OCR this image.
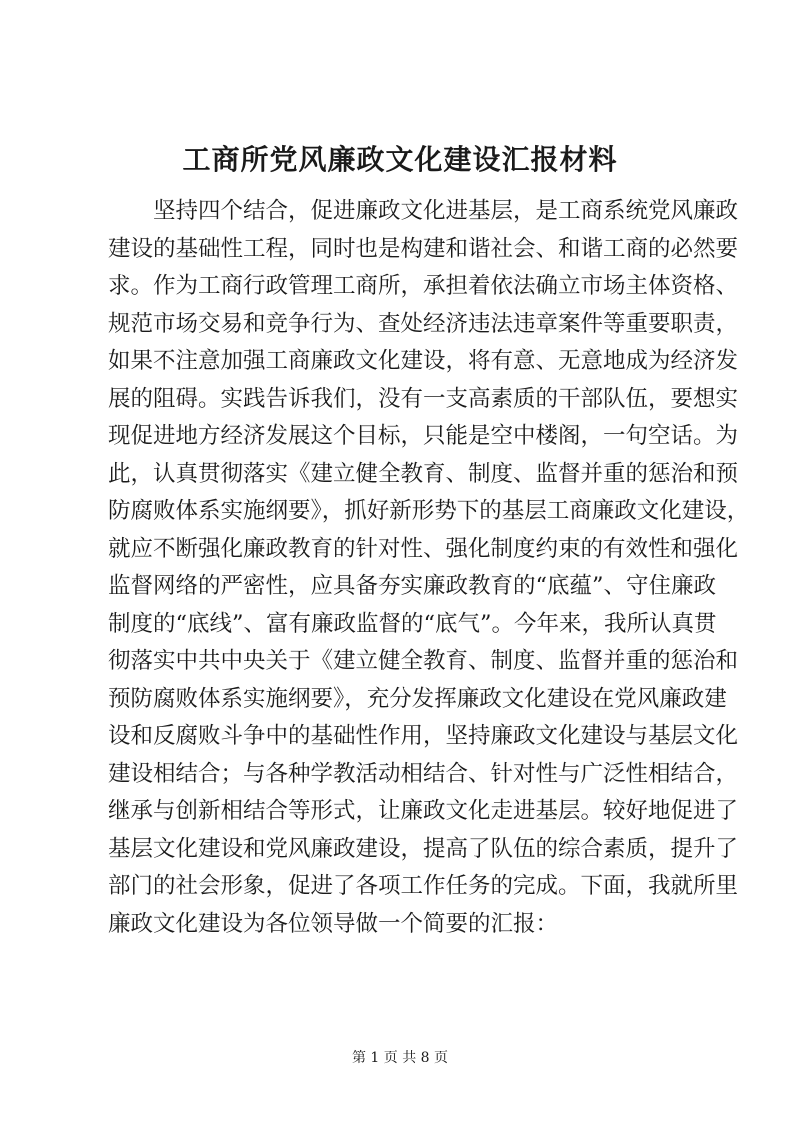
工商所党风廉政文化建设汇报材料
坚持四个结合，促进廉政文化进基层，是工商系统党风廉政
建设的基础性工程，同时也是构建和谐社会、和谐工商的必然要
求。作为工商行政管理工商所，承担着依法确立市场主体资格、
规范市场交易和竞争行为、查处经济违法违章案件等重要职责，
如果不注意加强工商廉政文化建设，将有意、无意地成为经济发
展的阻碍。实践告诉我们，没有一支高素质的干部队伍，要想实
现促进地方经济发展这个目标，只能是空中楼阁，一句空话。为
此，认真贯彻落实《建立健全教育、制度、监督并重的惩治和预
防腐败体系实施纲要》，抓好新形势下的基层工商廉政文化建设，
就应不断强化廉政教育的针对性、强化制度约束的有效性和强化
监督网络的严密性，应具备夯实廉政教育的“底蕴”、守住廉政
制度的“底线”、富有廉政监督的“底气”。今年来，我所认真贯
彻落实中共中央关于《建立健全教育、制度、监督并重的惩治和
预防腐败体系实施纲要》，充分发挥廉政文化建设在党风廉政建
设和反腐败斗争中的基础性作用，坚持廉政文化建设与基层文化
建设相结合；与各种学教活动相结合、针对性与广泛性相结合，
继承与创新相结合等形式，让廉政文化走进基层。较好地促进了
基层文化建设和党风廉政建设，提高了队伍的综合素质，提升了
部门的社会形象，促进了各项工作任务的完成。下面，我就所里
廉政文化建设为各位领导做一个简要的汇报：
第 1 页 共 8 页
